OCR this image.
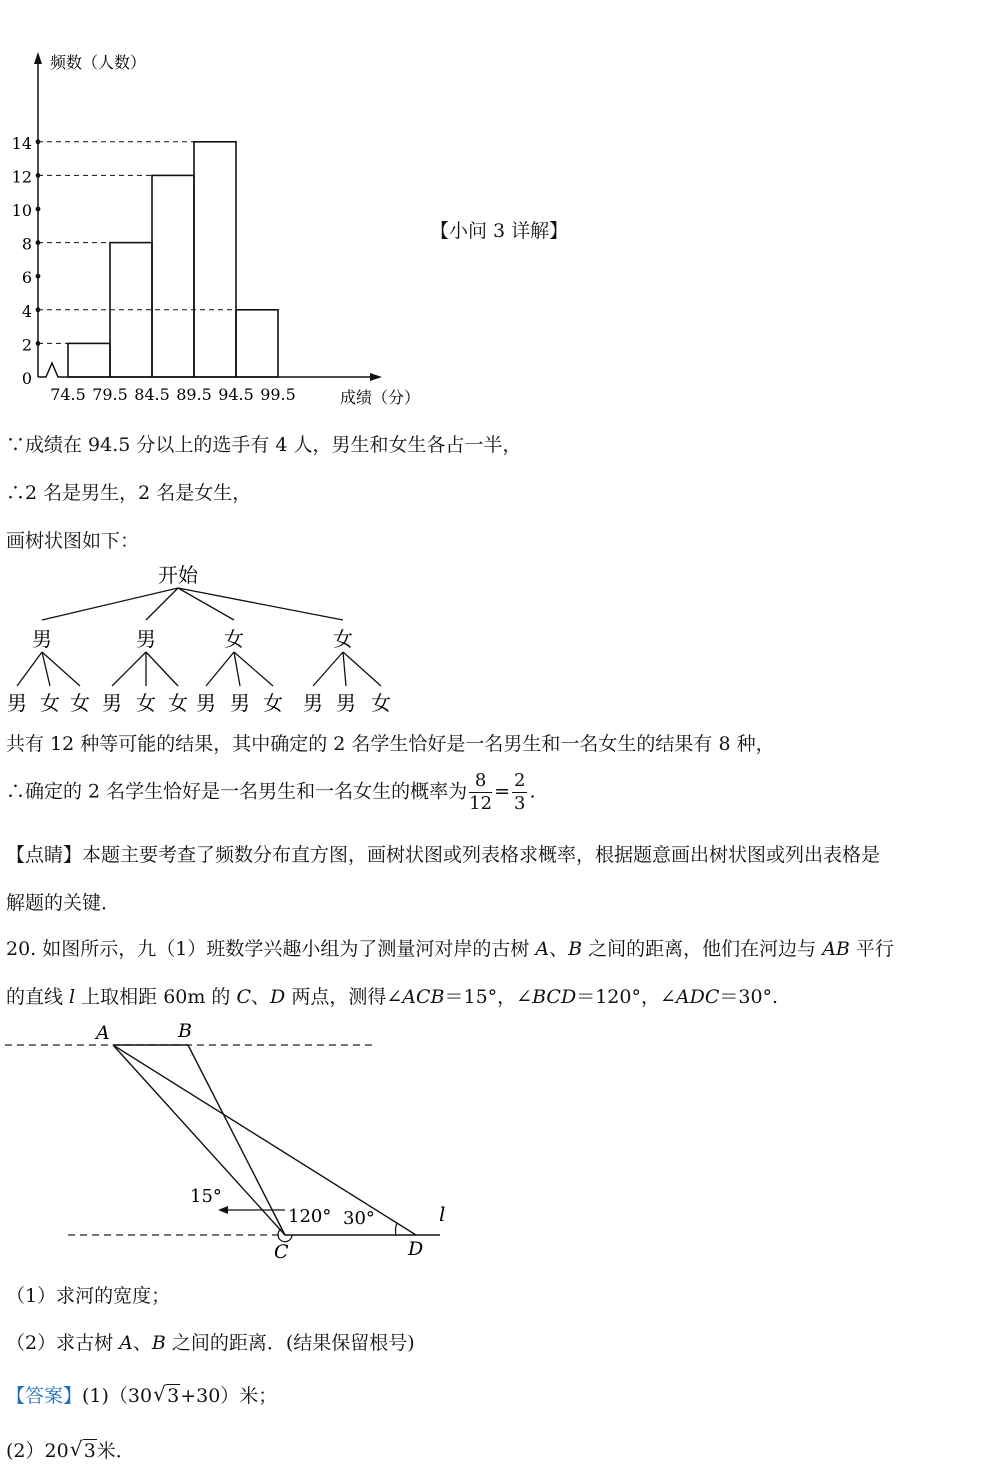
0
2
4
6
8
10
12
14
74.5 79.5 84.5 89.5 94.5 99.5
频数（人数）
成绩（分）
【小问 3 详解】
∵成绩在 94.5 分以上的选手有 4 人，男生和女生各占一半，
∴2 名是男生，2 名是女生，
画树状图如下：
开始
男
男 女 女
男
男 女 女
女
男 男 女
女
男 男 女
共有 12 种等可能的结果，其中确定的 2 名学生恰好是一名男生和一名女生的结果有 8 种，
∴确定的 2 名学生恰好是一名男生和一名女生的概率为 $\frac{8}{12} = \frac{2}{3}$ .
【点睛】本题主要考查了频数分布直方图，画树状图或列表格求概率，根据题意画出树状图或列出表格是
解题的关键．
20. 如图所示，九（1）班数学兴趣小组为了测量河对岸的古树 A、B 之间的距离，他们在河边与 AB 平行
的直线 l 上取相距 60m 的 C、D 两点，测得∠ACB＝15°，∠BCD＝120°，∠ADC＝30°.
A	B
C	D
l
15°
120° 30°
（1）求河的宽度；
（2）求古树 A、B 之间的距离．(结果保留根号)
【答案】(1)（30 √ 3+30）米；
(2）20 √ 3米．
